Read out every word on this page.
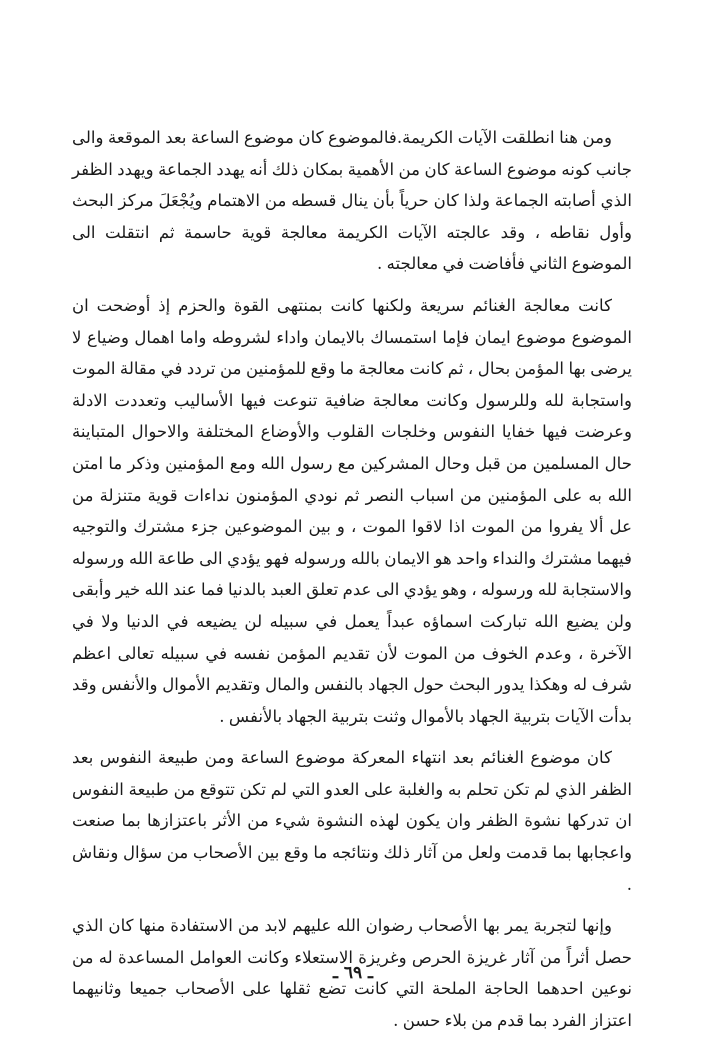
ومن هنا انطلقت الآيات الكريمة.فالموضوع كان موضوع الساعة بعد الموقعة والى جانب كونه موضوع الساعة كان من الأهمية بمكان ذلك أنه يهدد الجماعة ويهدد الظفر الذي أصابته الجماعة ولذا كان حرياً بأن ينال قسطه من الاهتمام ويُجْعَلَ مركز البحث وأول نقاطه ، وقد عالجته الآيات الكريمة معالجة قوية حاسمة ثم انتقلت الى الموضوع الثاني فأفاضت في معالجته .

كانت معالجة الغنائم سريعة ولكنها كانت بمنتهى القوة والحزم إذ أوضحت ان الموضوع موضوع ايمان فإما استمساك بالايمان واداء لشروطه واما اهمال وضياع لا يرضى بها المؤمن بحال ، ثم كانت معالجة ما وقع للمؤمنين من تردد في مقالة الموت واستجابة لله وللرسول وكانت معالجة ضافية تنوعت فيها الأساليب وتعددت الادلة وعرضت فيها خفايا النفوس وخلجات القلوب والأوضاع المختلفة والاحوال المتباينة حال المسلمين من قبل وحال المشركين مع رسول الله ومع المؤمنين وذكر ما امتن الله به على المؤمنين من اسباب النصر ثم نودي المؤمنون نداءات قوية متنزلة من عل ألا يفروا من الموت اذا لاقوا الموت ، و بين الموضوعين جزء مشترك والتوجيه فيهما مشترك والنداء واحد هو الايمان بالله ورسوله فهو يؤدي الى طاعة الله ورسوله والاستجابة لله ورسوله ، وهو يؤدي الى عدم تعلق العبد بالدنيا فما عند الله خير وأبقى ولن يضيع الله تباركت اسماؤه عبداً يعمل في سبيله لن يضيعه في الدنيا ولا في الآخرة ، وعدم الخوف من الموت لأن تقديم المؤمن نفسه في سبيله تعالى اعظم شرف له وهكذا يدور البحث حول الجهاد بالنفس والمال وتقديم الأموال والأنفس وقد بدأت الآيات بتربية الجهاد بالأموال وثنت بتربية الجهاد بالأنفس .

كان موضوع الغنائم بعد انتهاء المعركة موضوع الساعة ومن طبيعة النفوس بعد الظفر الذي لم تكن تحلم به والغلبة على العدو التي لم تكن تتوقع من طبيعة النفوس ان تدركها نشوة الظفر وان يكون لهذه النشوة شيء من الأثر باعتزازها بما صنعت واعجابها بما قدمت ولعل من آثار ذلك ونتائجه ما وقع بين الأصحاب من سؤال ونقاش .

وإنها لتجربة يمر بها الأصحاب رضوان الله عليهم لابد من الاستفادة منها كان الذي حصل أثراً من آثار غريزة الحرص وغريزة الاستعلاء وكانت العوامل المساعدة له من نوعين احدهما الحاجة الملحة التي كانت تضع ثقلها على الأصحاب جميعا وثانيهما اعتزاز الفرد بما قدم من بلاء حسن .

ـ ٦٩ ـ
